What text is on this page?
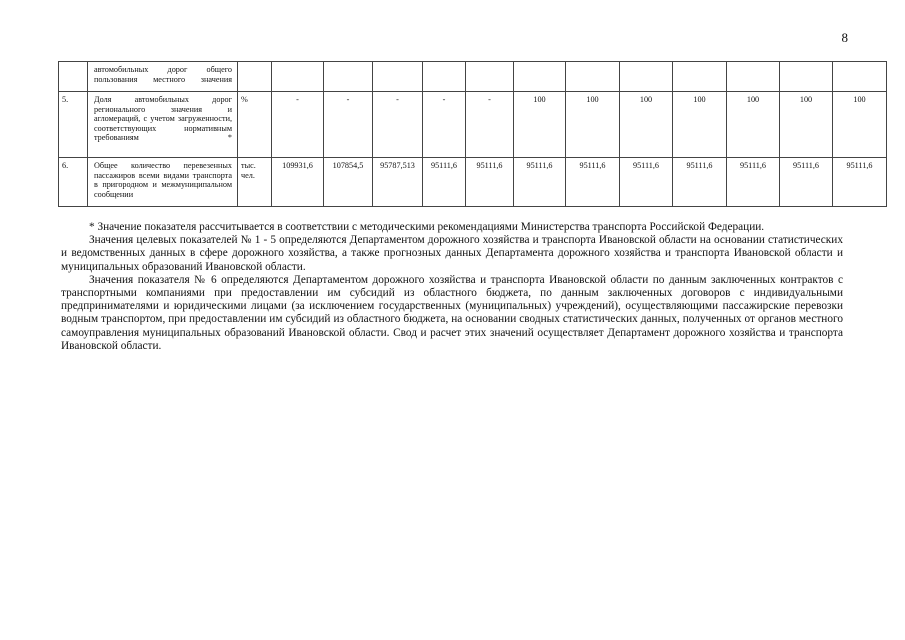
8
	автомобильных дорог общего пользования местного значения													
5.	Доля автомобильных дорог регионального значения и агломераций, с учетом загруженности, соответствующих нормативным требованиям *	%	-	-	-	-	-	100	100	100	100	100	100	100
6.	Общее количество перевезенных пассажиров всеми видами транспорта в пригородном и межмуниципальном сообщении	тыс. чел.	109931,6	107854,5	95787,513	95111,6	95111,6	95111,6	95111,6	95111,6	95111,6	95111,6	95111,6	95111,6

* Значение показателя рассчитывается в соответствии с методическими рекомендациями Министерства транспорта Российской Федерации.

Значения целевых показателей № 1 - 5 определяются Департаментом дорожного хозяйства и транспорта Ивановской области на основании статистических и ведомственных данных в сфере дорожного хозяйства, а также прогнозных данных Департамента дорожного хозяйства и транспорта Ивановской области и муниципальных образований Ивановской области.

Значения показателя № 6 определяются Департаментом дорожного хозяйства и транспорта Ивановской области по данным заключенных контрактов с транспортными компаниями при предоставлении им субсидий из областного бюджета, по данным заключенных договоров с индивидуальными предпринимателями и юридическими лицами (за исключением государственных (муниципальных) учреждений), осуществляющими пассажирские перевозки водным транспортом, при предоставлении им субсидий из областного бюджета, на основании сводных статистических данных, полученных от органов местного самоуправления муниципальных образований Ивановской области. Свод и расчет этих значений осуществляет Департамент дорожного хозяйства и транспорта Ивановской области.
